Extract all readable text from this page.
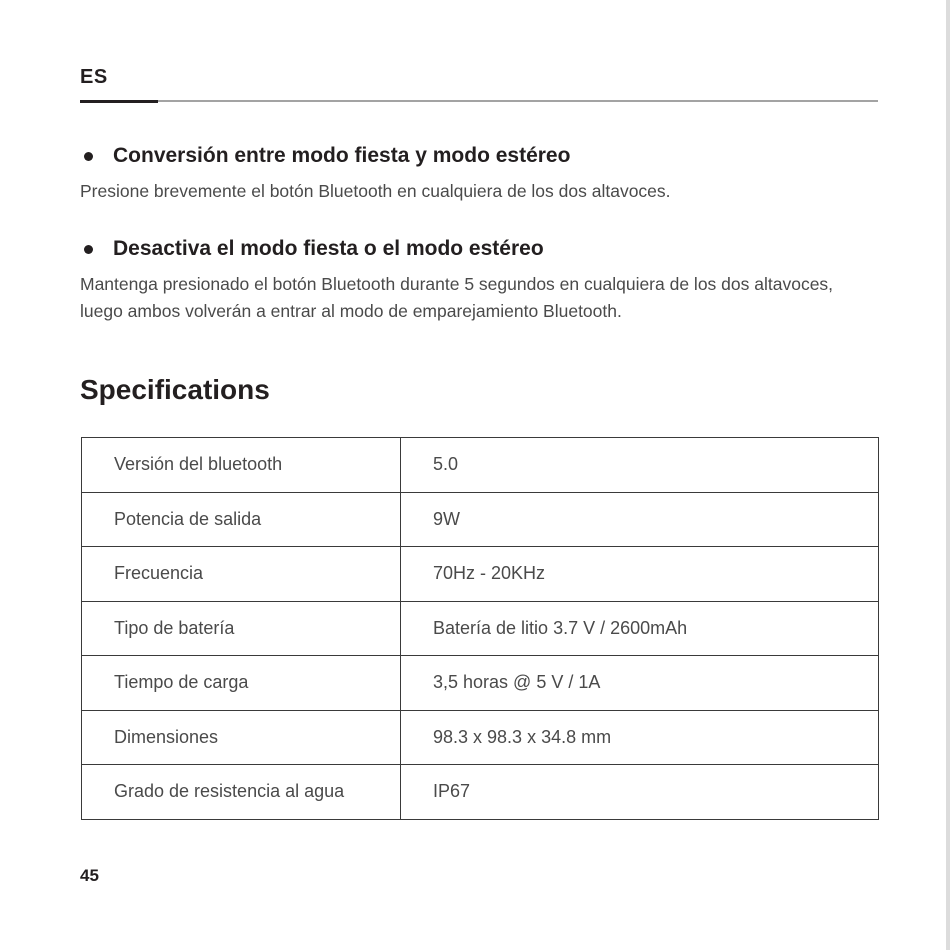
ES
Conversión entre modo fiesta y modo estéreo
Presione brevemente el botón Bluetooth en cualquiera de los dos altavoces.
Desactiva el modo fiesta o el modo estéreo
Mantenga presionado el botón Bluetooth durante 5 segundos en cualquiera de los dos altavoces, luego ambos volverán a entrar al modo de emparejamiento Bluetooth.
Specifications
Versión del bluetooth	5.0
Potencia de salida	9W
Frecuencia	70Hz - 20KHz
Tipo de batería	Batería de litio 3.7 V / 2600mAh
Tiempo de carga	3,5 horas @ 5 V / 1A
Dimensiones	98.3 x 98.3 x 34.8 mm
Grado de resistencia al agua	IP67
45
